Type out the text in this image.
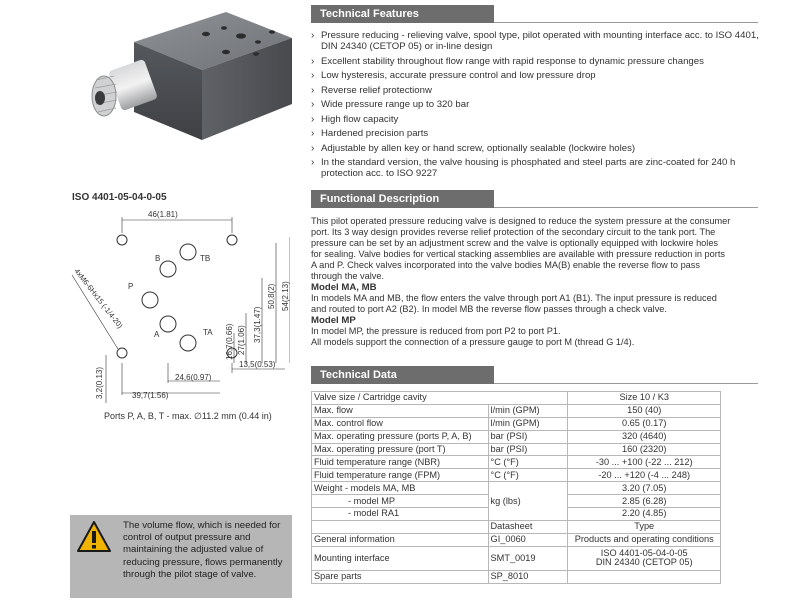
ISO 4401-05-04-0-05
46(1.81)
54(2.13)
50,8(2)
37,3(1.47)
27(1.06)
16,7(0.66)
B	TB
P
A	TA
13,5(0.53)
24,6(0.97)
39,7(1.56)
3,2(0.13)
4xM6-6Hx15 (-1/4-20)
Ports P, A, B, T - max. ∅11.2 mm (0.44 in)
The volume flow, which is needed for control of output pressure and maintaining the adjusted value of reducing pressure, flows permanently through the pilot stage of valve.
Technical Features
› Pressure reducing - relieving valve, spool type, pilot operated with mounting interface acc. to ISO 4401, DIN 24340 (CETOP 05) or in-line design
› Excellent stability throughout flow range with rapid response to dynamic pressure changes
› Low hysteresis, accurate pressure control and low pressure drop
› Reverse relief protectionw
› Wide pressure range up to 320 bar
› High flow capacity
› Hardened precision parts
› Adjustable by allen key or hand screw, optionally sealable (lockwire holes)
› In the standard version, the valve housing is phosphated and steel parts are zinc-coated for 240 h protection acc. to ISO 9227
Functional Description

This pilot operated pressure reducing valve is designed to reduce the system pressure at the consumer port. Its 3 way design provides reverse relief protection of the secondary circuit to the tank port. The pressure can be set by an adjustment screw and the valve is optionally equipped with lockwire holes for sealing. Valve bodies for vertical stacking assemblies are available with pressure reduction in ports A and P. Check valves incorporated into the valve bodies MA(B) enable the reverse flow to pass through the valve.

Model MA, MB

In models MA and MB, the flow enters the valve through port A1 (B1). The input pressure is reduced and routed to port A2 (B2). In model MB the reverse flow passes through a check valve.

Model MP

In model MP, the pressure is reduced from port P2 to port P1.

All models support the connection of a pressure gauge to port M (thread G 1/4).

Technical Data
Valve size / Cartridge cavity		Size 10 / K3
Max. flow	l/min (GPM)	150 (40)
Max. control flow	l/min (GPM)	0.65 (0.17)
Max. operating pressure (ports P, A, B)	bar (PSI)	320 (4640)
Max. operating pressure (port T)	bar (PSI)	160 (2320)
Fluid temperature range (NBR)	°C (°F)	-30 ... +100 (-22 ... 212)
Fluid temperature range (FPM)	°C (°F)	-20 ... +120 (-4 ... 248)
Weight - models MA, MB	kg (lbs)	3.20 (7.05)
- model MP		2.85 (6.28)
- model RA1		2.20 (4.85)
	Datasheet	Type
General information	GI_0060	Products and operating conditions
Mounting interface	SMT_0019	ISO 4401-05-04-0-05
DIN 24340 (CETOP 05)

Spare parts	SP_8010	
